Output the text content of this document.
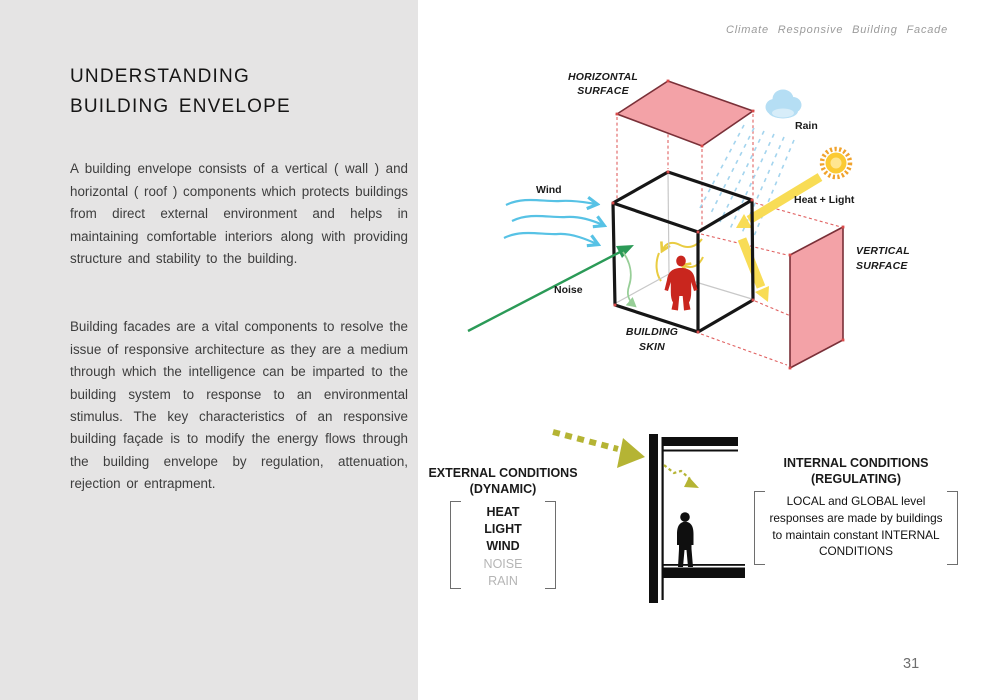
UNDERSTANDING
BUILDING ENVELOPE

A building envelope consists of a vertical ( wall ) and horizontal ( roof ) components which protects buildings from direct external environment and helps in maintaining comfortable interiors along with providing structure and stability to the building.

Building facades are a vital components to resolve the issue of responsive architecture as they are a medium through which the intelligence can be imparted to the building system to response to an environmental stimulus. The key characteristics of an responsive building façade is to modify the energy flows through the building envelope by regulation, attenuation, rejection or entrapment.

Climate Responsive Building Facade
31
HORIZONTAL
SURFACE
VERTICAL
SURFACE
BUILDING
SKIN
Wind
Noise
Rain
Heat + Light
EXTERNAL CONDITIONS
(DYNAMIC)
HEAT
LIGHT
WIND
NOISE
RAIN
INTERNAL CONDITIONS
(REGULATING)
LOCAL and GLOBAL level
responses are made by buildings
to maintain constant INTERNAL
CONDITIONS
